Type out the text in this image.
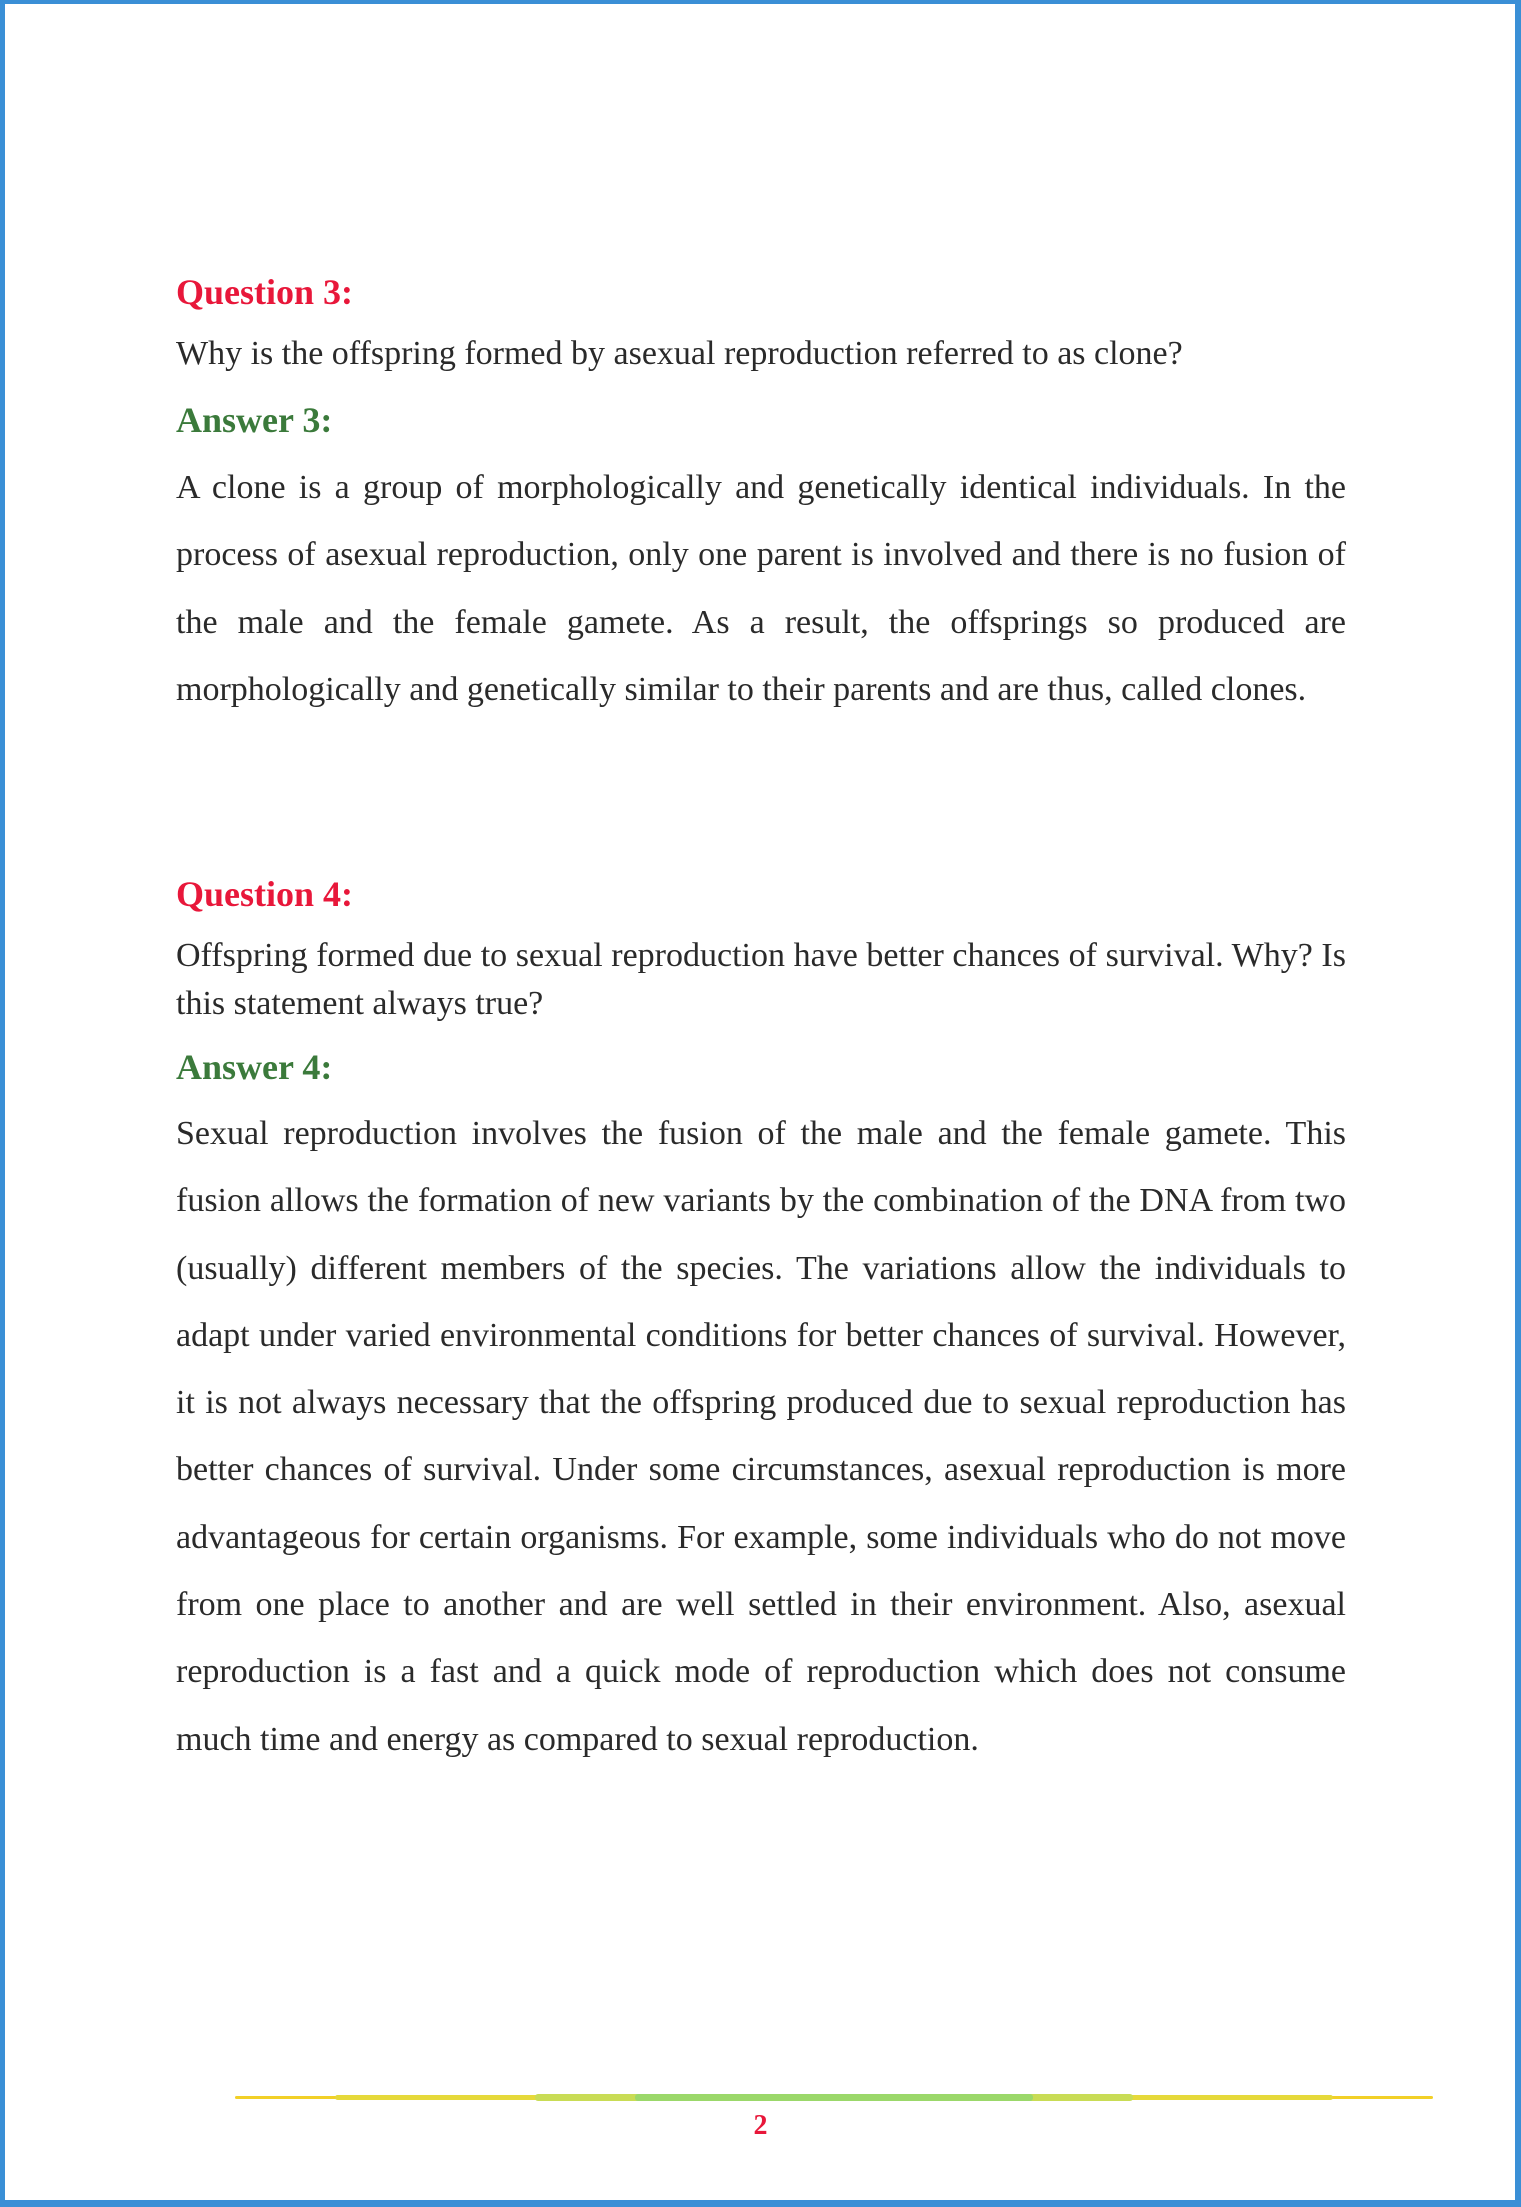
Question 3:

Why is the offspring formed by asexual reproduction referred to as clone?

Answer 3:

A clone is a group of morphologically and genetically identical individuals. In the process of asexual reproduction, only one parent is involved and there is no fusion of the male and the female gamete. As a result, the offsprings so produced are morphologically and genetically similar to their parents and are thus, called clones.

Question 4:

Offspring formed due to sexual reproduction have better chances of survival. Why? Is this statement always true?

Answer 4:

Sexual reproduction involves the fusion of the male and the female gamete. This fusion allows the formation of new variants by the combination of the DNA from two (usually) different members of the species. The variations allow the individuals to adapt under varied environmental conditions for better chances of survival. However, it is not always necessary that the offspring produced due to sexual reproduction has better chances of survival. Under some circumstances, asexual reproduction is more advantageous for certain organisms. For example, some individuals who do not move from one place to another and are well settled in their environment. Also, asexual reproduction is a fast and a quick mode of reproduction which does not consume much time and energy as compared to sexual reproduction.

2
